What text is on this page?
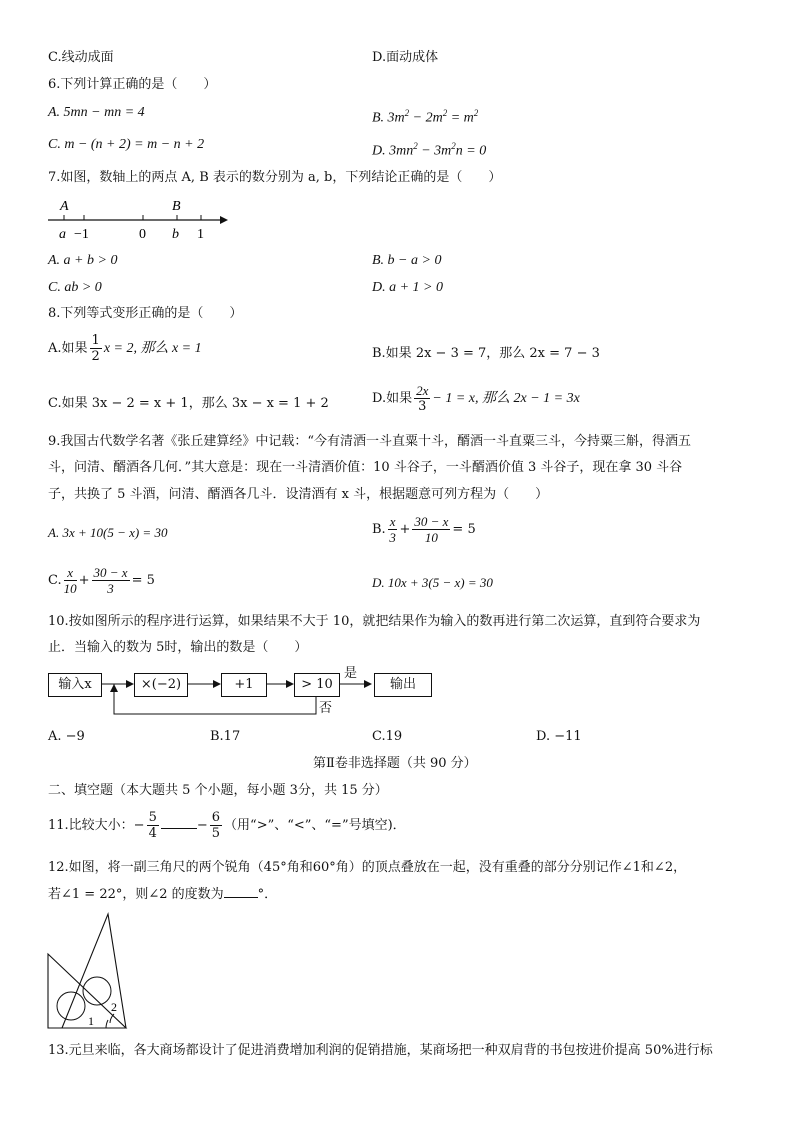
C.线动成面	D.面动成体
6.下列计算正确的是（　　）
A. 5mn − mn = 4	B. $3m^2 - 2m^2 = m^2$
C. m − (n + 2) = m − n + 2	D. $3mn^2 - 3m^2n = 0$
7.如图，数轴上的两点 A, B 表示的数分别为 a, b，下列结论正确的是（　　）
A	B
a −1	0 b 1
A. a + b > 0	B. b − a > 0
C. ab > 0	D. a + 1 > 0
8.下列等式变形正确的是（　　）
A.如果 $\frac{1}{2}$ x = 2, 那么 x = 1	B.如果 2x − 3 = 7，那么 2x = 7 − 3
C.如果 3x − 2 = x + 1，那么 3x − x = 1 + 2	D.如果 $\frac{2x}{3} - 1 = x$, 那么 2x − 1 = 3x
9.我国古代数学名著《张丘建算经》中记载：“今有清酒一斗直粟十斗，醑酒一斗直粟三斗，今持粟三斛，得酒五
斗，问清、醑酒各几何．”其大意是：现在一斗清酒价值：10 斗谷子，一斗醑酒价值 3 斗谷子，现在拿 30 斗谷
子，共换了 5 斗酒，问清、醑酒各几斗．设清酒有 x 斗，根据题意可列方程为（　　）
A. 3x + 10(5 − x) = 30	B. $\frac{x}{3} + \frac{30 - x}{10} = 5$
C. $\frac{x}{10} + \frac{30 - x}{3} = 5$	D. 10x + 3(5 − x) = 30
10.按如图所示的程序进行运算，如果结果不大于 10，就把结果作为输入的数再进行第二次运算，直到符合要求为
止．当输入的数为 5时，输出的数是（　　）
输入x	×(−2)	+1	> 10	输出
是
否
A. −9	B.17	C.19	D. −11
第Ⅱ卷非选择题（共 90 分）
二、填空题（本大题共 5 个小题，每小题 3分，共 15 分）
11.比较大小：− $\frac{5}{4}$	− $\frac{6}{5}$ （用“>”、“<”、“=”号填空)．
12.如图，将一副三角尺的两个锐角（45°角和60°角）的顶点叠放在一起，没有重叠的部分分别记作∠1和∠2，
若∠1 = 22°，则∠2 的度数为	°．
1
2
13.元旦来临，各大商场都设计了促进消费增加利润的促销措施，某商场把一种双肩背的书包按进价提高 50%进行标
